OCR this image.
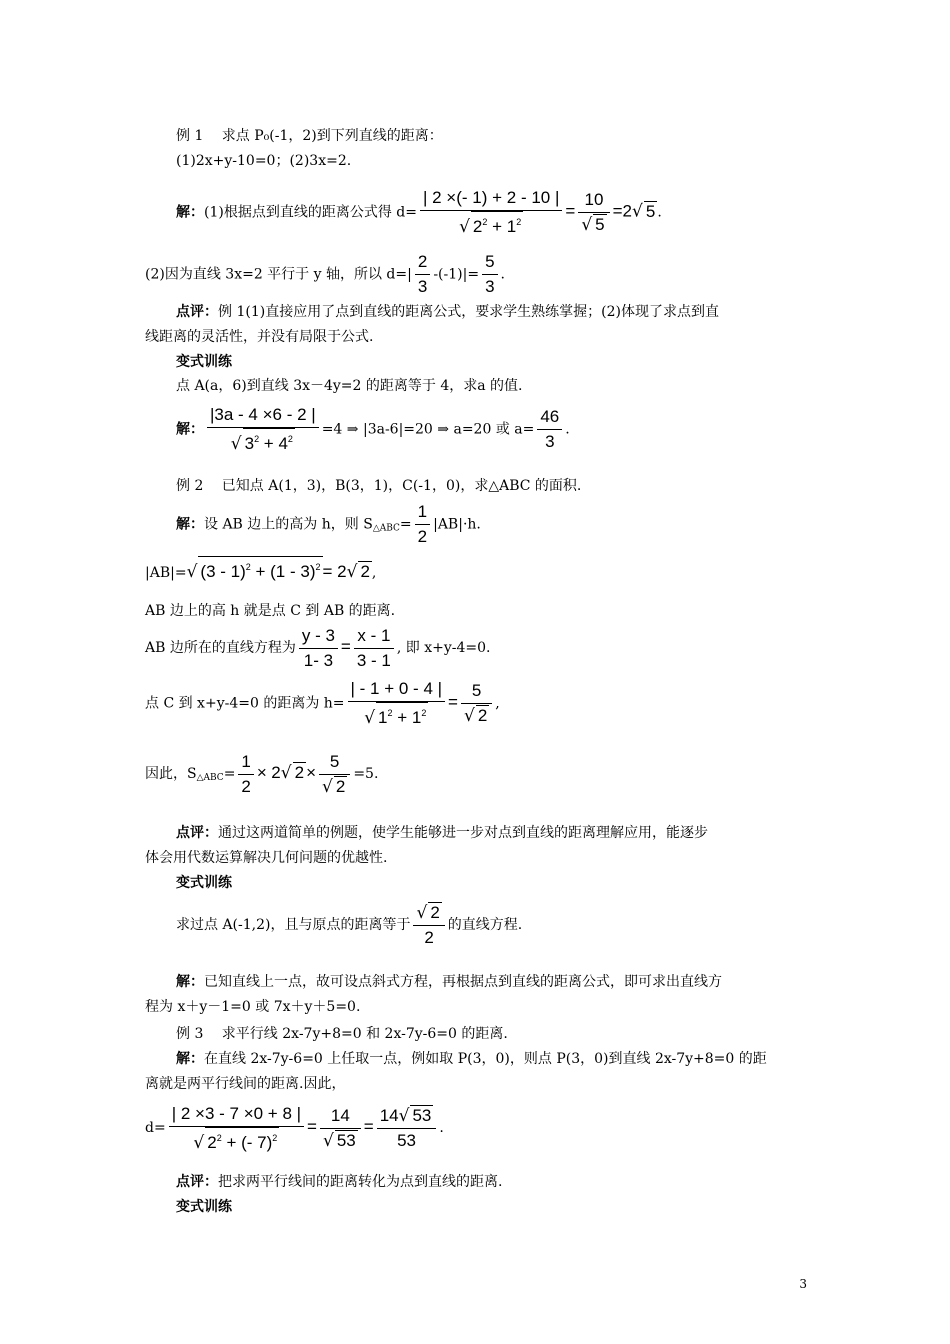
例 1　 求点 P₀(-1，2)到下列直线的距离：
(1)2x+y-10=0；(2)3x=2.
解：(1)根据点到直线的距离公式得 $d= \frac{| 2 \times(- 1) + 2 - 10 |}{√ 2^2 + 1^2} = \frac{10}{√ 5} =2√$ 5 .
(2)因为直线 3x=2 平行于 y 轴，所以 $d=| \frac{2}{3} -(-1)|= \frac{5}{3}$ .
点评：例 1(1)直接应用了点到直线的距离公式，要求学生熟练掌握；(2)体现了求点到直
线距离的灵活性，并没有局限于公式.
变式训练
点 A(a，6)到直线 3x－4y=2 的距离等于 4，求a 的值.
解： $\frac{|3a - 4 \times 6 - 2 |}{√ 3^2 + 4^2} =4$ ⇒ |3a-6|=20 ⇒ a=20 或 $a= \frac{46}{3}$ .
例 2　 已知点 A(1，3)，B(3，1)，C(-1，0)，求△ABC 的面积.
解：设 AB 边上的高为 h，则 $S_{\triangle ABC}= \frac{1}{2} |AB|\cdot h$.
|AB|=√ (3 - 1)$^2$ + (1 - 3)$^2$ = 2√ 2 ,
AB 边上的高 h 就是点 C 到 AB 的距离.
AB 边所在的直线方程为 $\frac{y - 3}{1- 3} = \frac{x - 1}{3 - 1}$ , 即 x+y-4=0.
点 C 到 x+y-4=0 的距离为 $h= \frac{| - 1 + 0 - 4 |}{√ 1^2 + 1^2} = \frac{5}{√ 2}$ ,
因此，$S_{\triangle ABC}= \frac{1}{2} \times 2√$ $2 \times \frac{5}{√ 2} =5$.
点评：通过这两道简单的例题，使学生能够进一步对点到直线的距离理解应用，能逐步
体会用代数运算解决几何问题的优越性.
变式训练
求过点 A(-1,2)，且与原点的距离等于 $\frac{√ 2}{2}$ 的直线方程.
解：已知直线上一点，故可设点斜式方程，再根据点到直线的距离公式，即可求出直线方
程为 x＋y－1=0 或 7x＋y＋5=0.
例 3　 求平行线 2x-7y+8=0 和 2x-7y-6=0 的距离.
解：在直线 2x-7y-6=0 上任取一点，例如取 P(3，0)，则点 P(3，0)到直线 2x-7y+8=0 的距
离就是两平行线间的距离.因此，
$d= \frac{| 2 \times 3 - 7 \times 0 + 8 |}{√ 2^2 + (- 7)^2} = \frac{14}{√ 53} = \frac{14√ 53}{53}$ .
点评：把求两平行线间的距离转化为点到直线的距离.
变式训练
3
